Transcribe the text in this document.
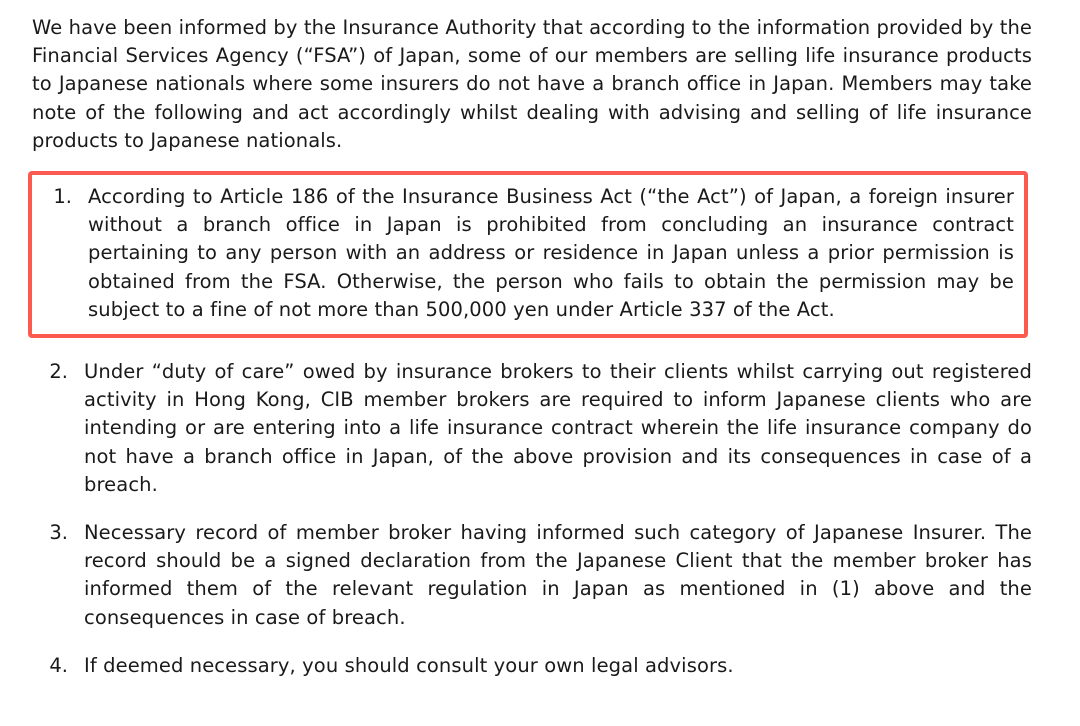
We have been informed by the Insurance Authority that according to the information provided by the Financial Services Agency (“FSA”) of Japan, some of our members are selling life insurance products to Japanese nationals where some insurers do not have a branch office in Japan. Members may take note of the following and act accordingly whilst dealing with advising and selling of life insurance products to Japanese nationals.

1. According to Article 186 of the Insurance Business Act (“the Act”) of Japan, a foreign insurer without a branch office in Japan is prohibited from concluding an insurance contract pertaining to any person with an address or residence in Japan unless a prior permission is obtained from the FSA. Otherwise, the person who fails to obtain the permission may be subject to a fine of not more than 500,000 yen under Article 337 of the Act.
2. Under “duty of care” owed by insurance brokers to their clients whilst carrying out registered activity in Hong Kong, CIB member brokers are required to inform Japanese clients who are intending or are entering into a life insurance contract wherein the life insurance company do not have a branch office in Japan, of the above provision and its consequences in case of a breach.
3. Necessary record of member broker having informed such category of Japanese Insurer. The record should be a signed declaration from the Japanese Client that the member broker has informed them of the relevant regulation in Japan as mentioned in (1) above and the consequences in case of breach.
4. If deemed necessary, you should consult your own legal advisors.
